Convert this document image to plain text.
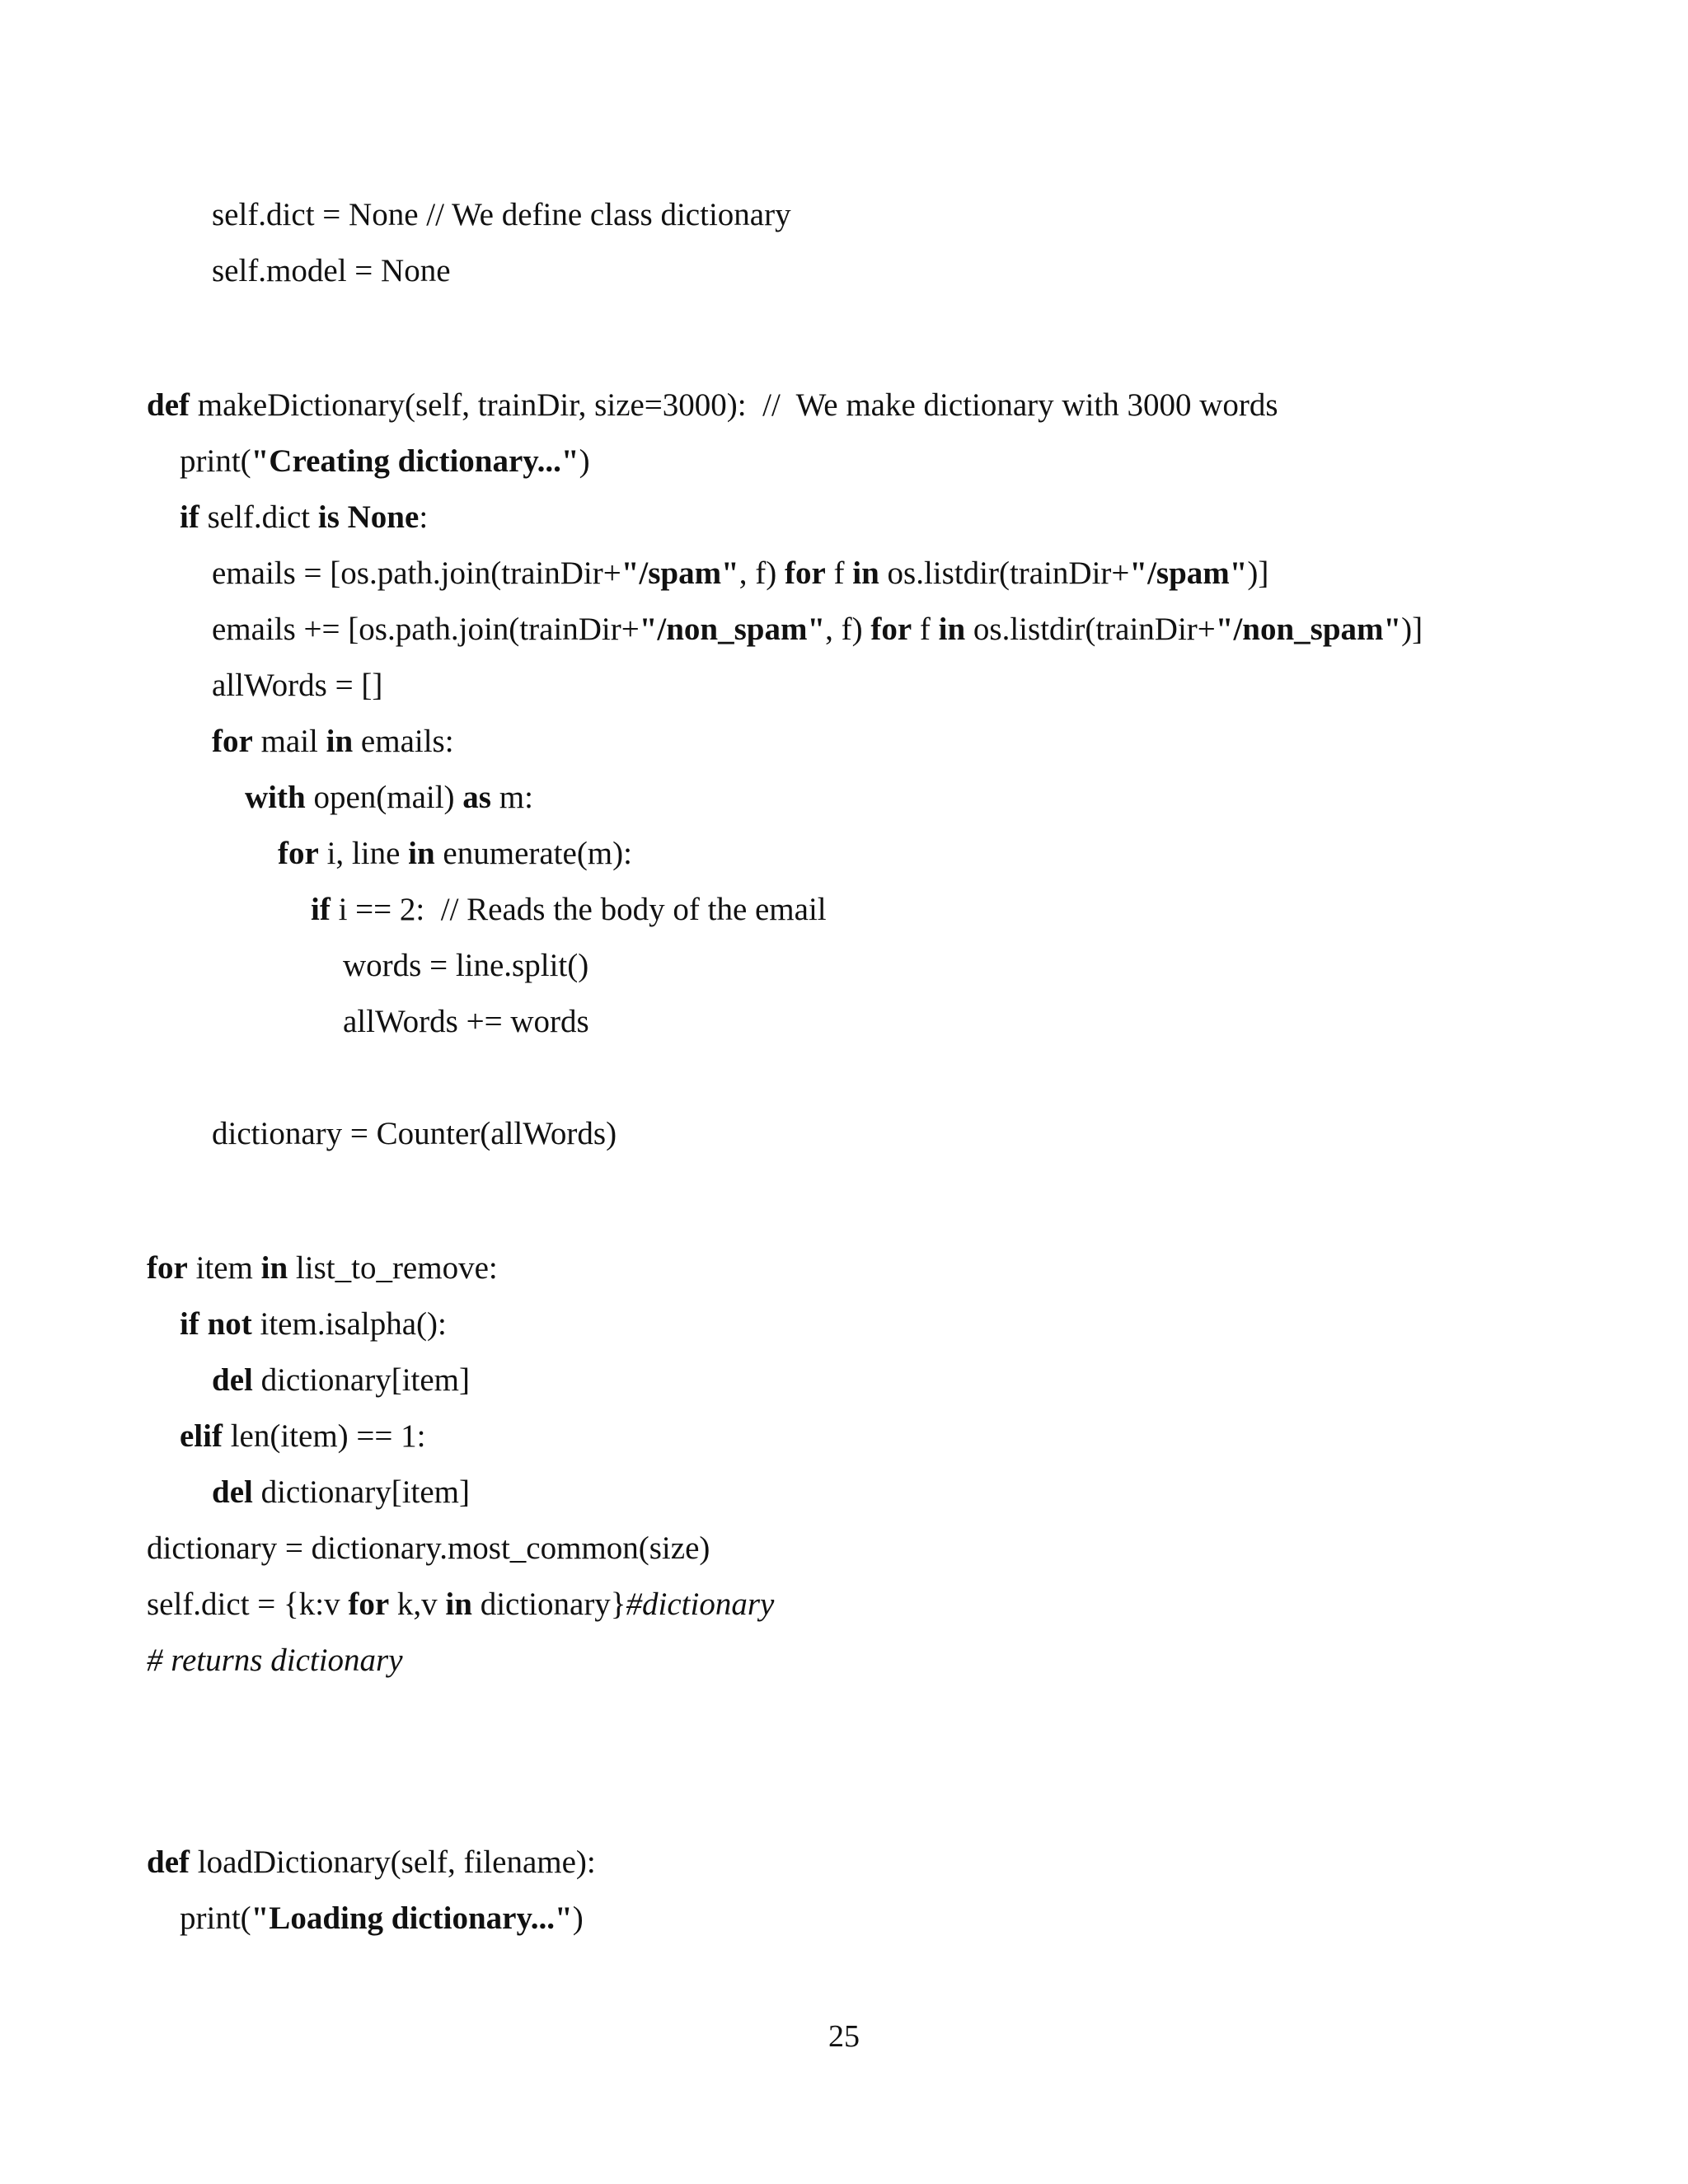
self.dict = None // We define class dictionary
self.model = None
def makeDictionary(self, trainDir, size=3000):  //  We make dictionary with 3000 words
print("Creating dictionary...")
if self.dict is None:
emails = [os.path.join(trainDir+"/spam", f) for f in os.listdir(trainDir+"/spam")]
emails += [os.path.join(trainDir+"/non_spam", f) for f in os.listdir(trainDir+"/non_spam")]
allWords = []
for mail in emails:
with open(mail) as m:
for i, line in enumerate(m):
if i == 2:  // Reads the body of the email
words = line.split()
allWords += words
dictionary = Counter(allWords)
for item in list_to_remove:
if not item.isalpha():
del dictionary[item]
elif len(item) == 1:
del dictionary[item]
dictionary = dictionary.most_common(size)
self.dict = {k:v for k,v in dictionary}#dictionary
# returns dictionary
def loadDictionary(self, filename):
print("Loading dictionary...")
25
